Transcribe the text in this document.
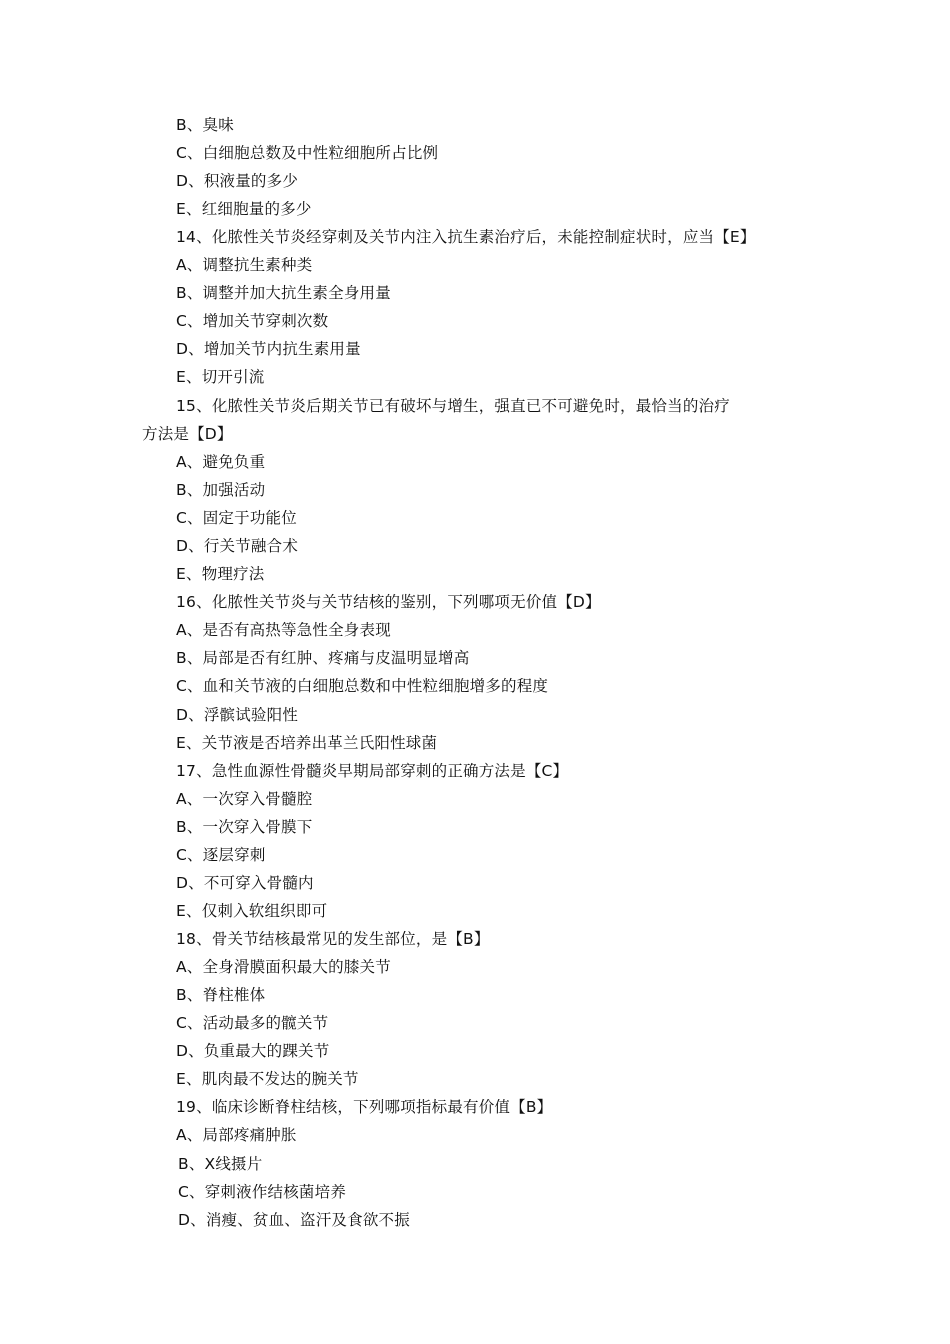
B、臭味
C、白细胞总数及中性粒细胞所占比例
D、积液量的多少
E、红细胞量的多少
14、化脓性关节炎经穿刺及关节内注入抗生素治疗后，未能控制症状时，应当【E】
A、调整抗生素种类
B、调整并加大抗生素全身用量
C、增加关节穿刺次数
D、增加关节内抗生素用量
E、切开引流
15、化脓性关节炎后期关节已有破坏与增生，强直已不可避免时，最恰当的治疗
方法是【D】
A、避免负重
B、加强活动
C、固定于功能位
D、行关节融合术
E、物理疗法
16、化脓性关节炎与关节结核的鉴别，下列哪项无价值【D】
A、是否有高热等急性全身表现
B、局部是否有红肿、疼痛与皮温明显增高
C、血和关节液的白细胞总数和中性粒细胞增多的程度
D、浮髌试验阳性
E、关节液是否培养出革兰氏阳性球菌
17、急性血源性骨髓炎早期局部穿刺的正确方法是【C】
A、一次穿入骨髓腔
B、一次穿入骨膜下
C、逐层穿刺
D、不可穿入骨髓内
E、仅刺入软组织即可
18、骨关节结核最常见的发生部位，是【B】
A、全身滑膜面积最大的膝关节
B、脊柱椎体
C、活动最多的髋关节
D、负重最大的踝关节
E、肌肉最不发达的腕关节
19、临床诊断脊柱结核，下列哪项指标最有价值【B】
A、局部疼痛肿胀
B、X线摄片
C、穿刺液作结核菌培养
D、消瘦、贫血、盗汗及食欲不振
